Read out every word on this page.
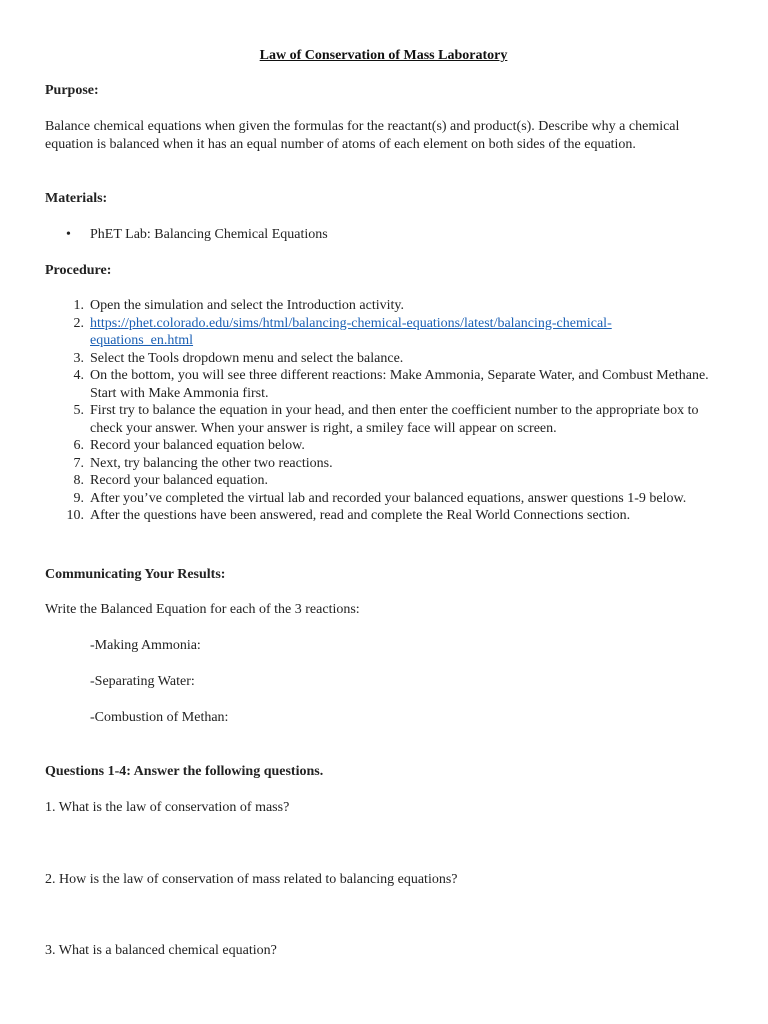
Law of Conservation of Mass Laboratory
Purpose:
Balance chemical equations when given the formulas for the reactant(s) and product(s). Describe why a chemical equation is balanced when it has an equal number of atoms of each element on both sides of the equation.
Materials:
• PhET Lab: Balancing Chemical Equations
Procedure:
1. Open the simulation and select the Introduction activity.
2. https://phet.colorado.edu/sims/html/balancing-chemical-equations/latest/balancing-chemical-equations_en.html
3. Select the Tools dropdown menu and select the balance.
4. On the bottom, you will see three different reactions: Make Ammonia, Separate Water, and Combust Methane. Start with Make Ammonia first.
5. First try to balance the equation in your head, and then enter the coefficient number to the appropriate box to check your answer. When your answer is right, a smiley face will appear on screen.
6. Record your balanced equation below.
7. Next, try balancing the other two reactions.
8. Record your balanced equation.
9. After you’ve completed the virtual lab and recorded your balanced equations, answer questions 1-9 below.
10. After the questions have been answered, read and complete the Real World Connections section.
Communicating Your Results:
Write the Balanced Equation for each of the 3 reactions:
-Making Ammonia:
-Separating Water:
-Combustion of Methan:
Questions 1-4: Answer the following questions.
1. What is the law of conservation of mass?
2. How is the law of conservation of mass related to balancing equations?
3. What is a balanced chemical equation?
